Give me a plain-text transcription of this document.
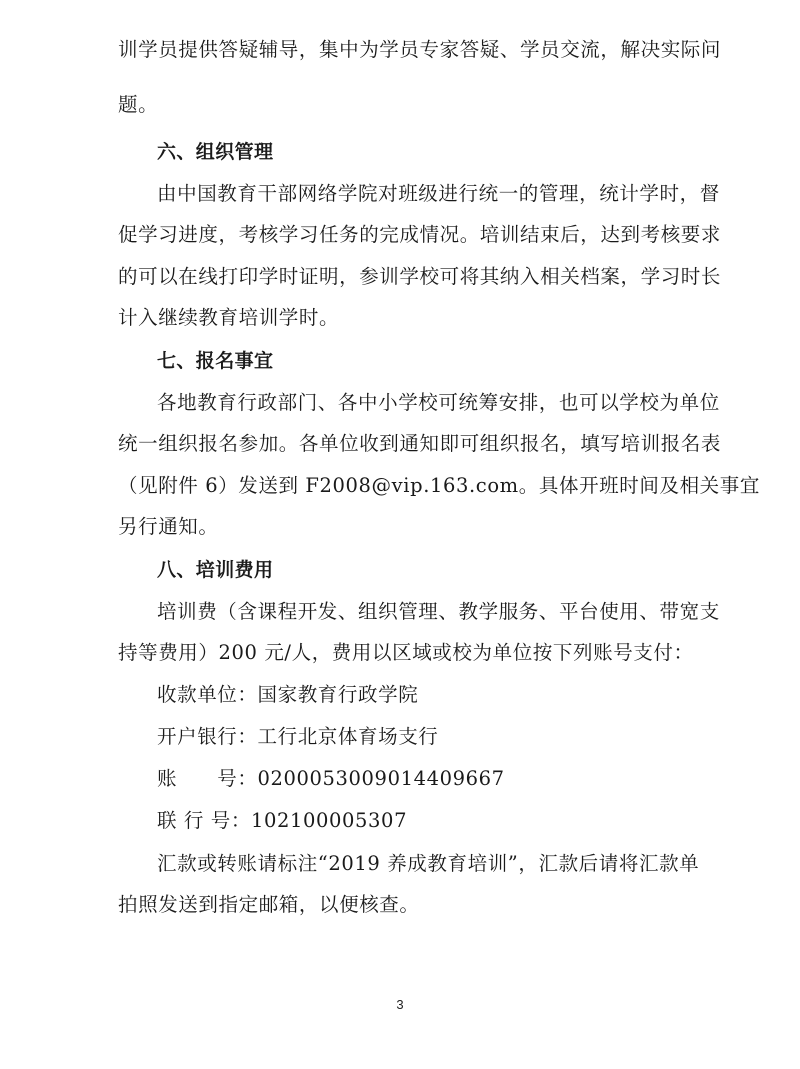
训学员提供答疑辅导，集中为学员专家答疑、学员交流，解决实际问
题。
六、组织管理
由中国教育干部网络学院对班级进行统一的管理，统计学时，督
促学习进度，考核学习任务的完成情况。培训结束后，达到考核要求
的可以在线打印学时证明，参训学校可将其纳入相关档案，学习时长
计入继续教育培训学时。
七、报名事宜
各地教育行政部门、各中小学校可统筹安排，也可以学校为单位
统一组织报名参加。各单位收到通知即可组织报名，填写培训报名表
（见附件 6）发送到 F2008@vip.163.com。具体开班时间及相关事宜
另行通知。
八、培训费用
培训费（含课程开发、组织管理、教学服务、平台使用、带宽支
持等费用）200 元/人，费用以区域或校为单位按下列账号支付：
收款单位：国家教育行政学院
开户银行：工行北京体育场支行
账　　号：0200053009014409667
联 行 号：102100005307
汇款或转账请标注“2019 养成教育培训”，汇款后请将汇款单
拍照发送到指定邮箱，以便核查。
3
